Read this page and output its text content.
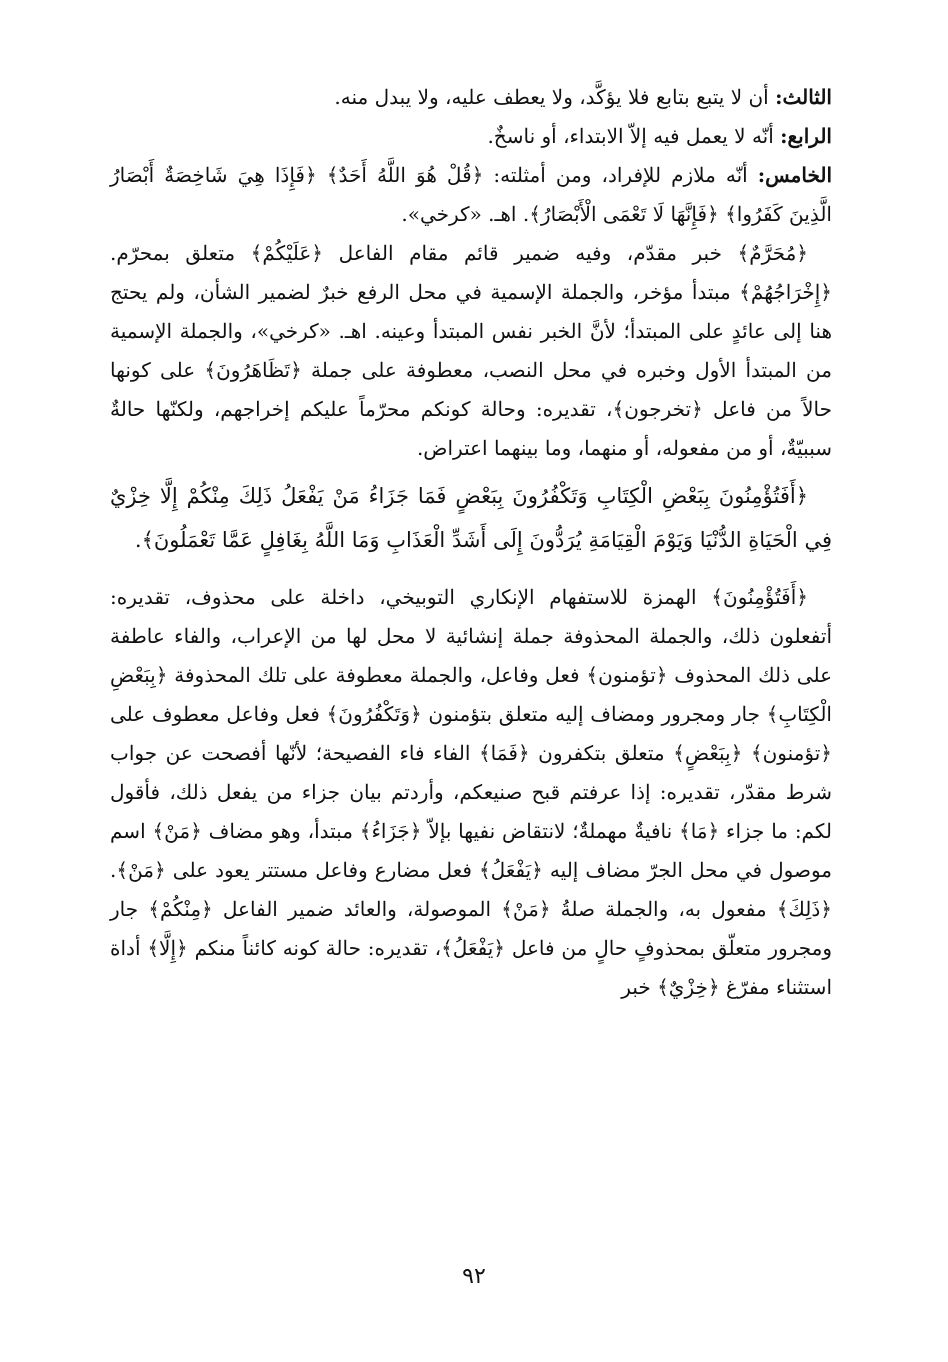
الثالث: أن لا يتبع بتابع فلا يؤكَّد، ولا يعطف عليه، ولا يبدل منه.

الرابع: أنّه لا يعمل فيه إلاّ الابتداء، أو ناسخٌ.

الخامس: أنّه ملازم للإفراد، ومن أمثلته: ﴿قُلْ هُوَ اللَّهُ أَحَدٌ﴾ ﴿فَإِذَا هِيَ شَاخِصَةٌ أَبْصَارُ الَّذِينَ كَفَرُوا﴾ ﴿فَإِنَّهَا لَا تَعْمَى الْأَبْصَارُ﴾. اهـ. «كرخي».

﴿مُحَرَّمٌ﴾ خبر مقدّم، وفيه ضمير قائم مقام الفاعل ﴿عَلَيْكُمْ﴾ متعلق بمحرّم. ﴿إِخْرَاجُهُمْ﴾ مبتدأ مؤخر، والجملة الإسمية في محل الرفع خبرٌ لضمير الشأن، ولم يحتج هنا إلى عائدٍ على المبتدأ؛ لأنَّ الخبر نفس المبتدأ وعينه. اهـ. «كرخي»، والجملة الإسمية من المبتدأ الأول وخبره في محل النصب، معطوفة على جملة ﴿تَظَاهَرُونَ﴾ على كونها حالاً من فاعل ﴿تخرجون﴾، تقديره: وحالة كونكم محرّماً عليكم إخراجهم، ولكنّها حالةٌ سببيّةٌ، أو من مفعوله، أو منهما، وما بينهما اعتراض.

﴿أَفَتُؤْمِنُونَ بِبَعْضِ الْكِتَابِ وَتَكْفُرُونَ بِبَعْضٍ فَمَا جَزَاءُ مَنْ يَفْعَلُ ذَلِكَ مِنْكُمْ إِلَّا خِزْيٌ فِي الْحَيَاةِ الدُّنْيَا وَيَوْمَ الْقِيَامَةِ يُرَدُّونَ إِلَى أَشَدِّ الْعَذَابِ وَمَا اللَّهُ بِغَافِلٍ عَمَّا تَعْمَلُونَ﴾.

﴿أَفَتُؤْمِنُونَ﴾ الهمزة للاستفهام الإنكاري التوبيخي، داخلة على محذوف، تقديره: أتفعلون ذلك، والجملة المحذوفة جملة إنشائية لا محل لها من الإعراب، والفاء عاطفة على ذلك المحذوف ﴿تؤمنون﴾ فعل وفاعل، والجملة معطوفة على تلك المحذوفة ﴿بِبَعْضِ الْكِتَابِ﴾ جار ومجرور ومضاف إليه متعلق بتؤمنون ﴿وَتَكْفُرُونَ﴾ فعل وفاعل معطوف على ﴿تؤمنون﴾ ﴿بِبَعْضٍ﴾ متعلق بتكفرون ﴿فَمَا﴾ الفاء فاء الفصيحة؛ لأنّها أفصحت عن جواب شرط مقدّر، تقديره: إذا عرفتم قبح صنيعكم، وأردتم بيان جزاء من يفعل ذلك، فأقول لكم: ما جزاء ﴿مَا﴾ نافيةٌ مهملةٌ؛ لانتقاض نفيها بإلاّ ﴿جَزَاءُ﴾ مبتدأ، وهو مضاف ﴿مَنْ﴾ اسم موصول في محل الجرّ مضاف إليه ﴿يَفْعَلُ﴾ فعل مضارع وفاعل مستتر يعود على ﴿مَنْ﴾. ﴿ذَلِكَ﴾ مفعول به، والجملة صلةُ ﴿مَنْ﴾ الموصولة، والعائد ضمير الفاعل ﴿مِنْكُمْ﴾ جار ومجرور متعلّق بمحذوفٍ حالٍ من فاعل ﴿يَفْعَلُ﴾، تقديره: حالة كونه كائناً منكم ﴿إِلَّا﴾ أداة استثناء مفرّغ ﴿خِزْيٌ﴾ خبر

٩٢
